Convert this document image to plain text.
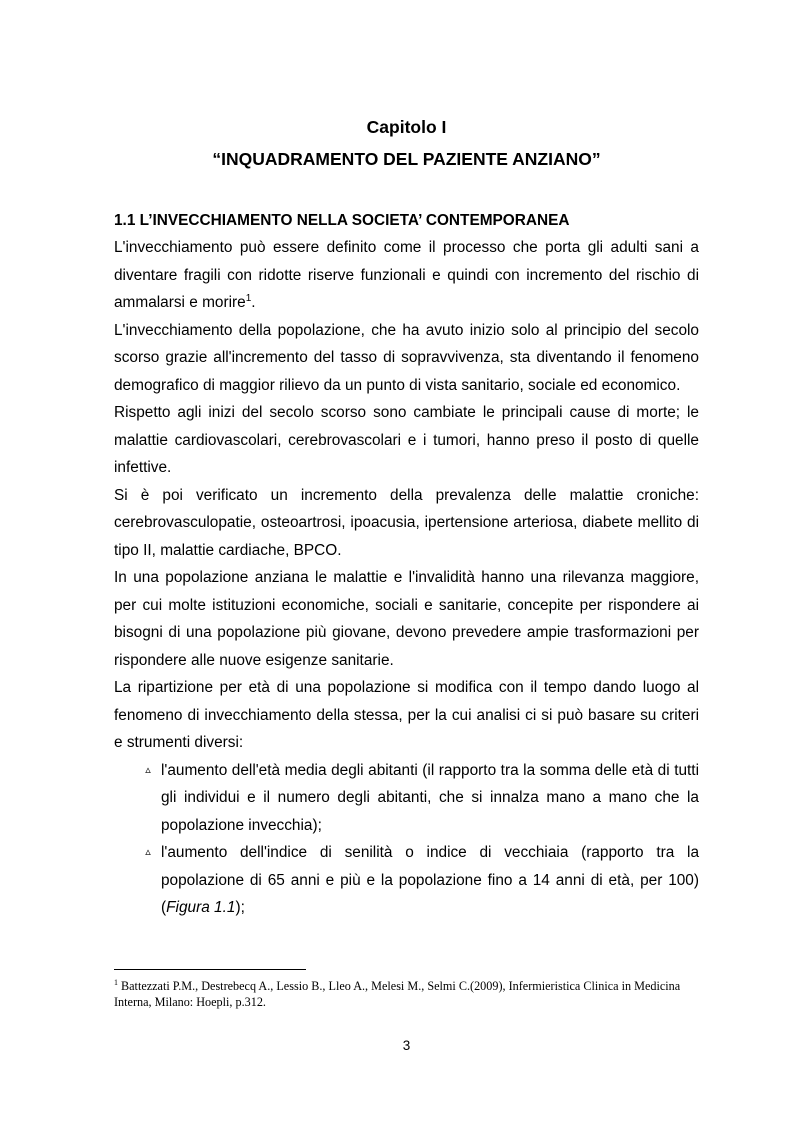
Capitolo I
“INQUADRAMENTO DEL PAZIENTE ANZIANO”
1.1 L’INVECCHIAMENTO NELLA SOCIETA’ CONTEMPORANEA

L'invecchiamento può essere definito come il processo che porta gli adulti sani a diventare fragili con ridotte riserve funzionali e quindi con incremento del rischio di ammalarsi e morire$^1$.

L'invecchiamento della popolazione, che ha avuto inizio solo al principio del secolo scorso grazie all'incremento del tasso di sopravvivenza, sta diventando il fenomeno demografico di maggior rilievo da un punto di vista sanitario, sociale ed economico.

Rispetto agli inizi del secolo scorso sono cambiate le principali cause di morte; le malattie cardiovascolari, cerebrovascolari e i tumori, hanno preso il posto di quelle infettive.

Si è poi verificato un incremento della prevalenza delle malattie croniche: cerebrovasculopatie, osteoartrosi, ipoacusia, ipertensione arteriosa, diabete mellito di tipo II, malattie cardiache, BPCO.

In una popolazione anziana le malattie e l'invalidità hanno una rilevanza maggiore, per cui molte istituzioni economiche, sociali e sanitarie, concepite per rispondere ai bisogni di una popolazione più giovane, devono prevedere ampie trasformazioni per rispondere alle nuove esigenze sanitarie.

La ripartizione per età di una popolazione si modifica con il tempo dando luogo al fenomeno di invecchiamento della stessa, per la cui analisi ci si può basare su criteri e strumenti diversi:

▵ l'aumento dell'età media degli abitanti (il rapporto tra la somma delle età di tutti gli individui e il numero degli abitanti, che si innalza mano a mano che la popolazione invecchia);
▵ l'aumento dell'indice di senilità o indice di vecchiaia (rapporto tra la popolazione di 65 anni e più e la popolazione fino a 14 anni di età, per 100) (Figura 1.1);
$^1$ Battezzati P.M., Destrebecq A., Lessio B., Lleo A., Melesi M., Selmi C.(2009), Infermieristica Clinica in Medicina Interna, Milano: Hoepli, p.312.
3
